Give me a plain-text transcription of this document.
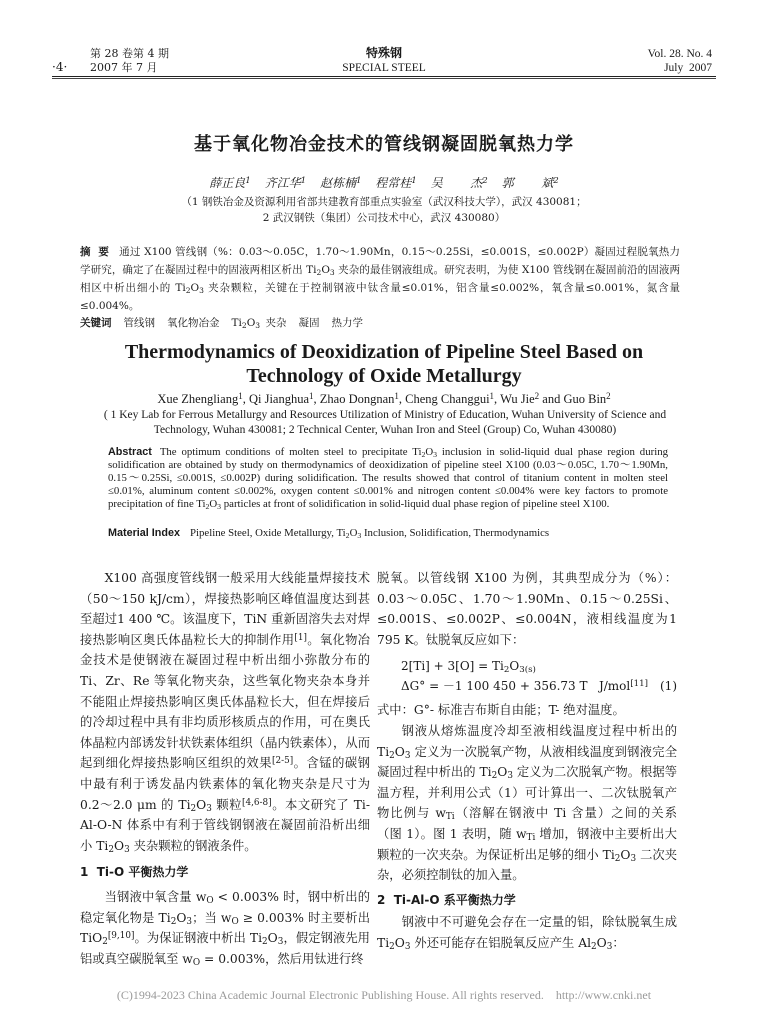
·4·
第 28 卷第 4 期
2007 年 7 月
特殊钢
SPECIAL STEEL
Vol. 28. No. 4
July  2007
基于氧化物冶金技术的管线钢凝固脱氧热力学
薛正良$^1$ 齐江华$^1$ 赵栋楠$^1$ 程常桂$^1$ 吴  杰$^2$ 郭  斌$^2$
（1 钢铁冶金及资源利用省部共建教育部重点实验室（武汉科技大学），武汉 430081；
2 武汉钢铁（集团）公司技术中心，武汉 430080）
摘  要 通过 X100 管线钢（%：0.03～0.05C，1.70～1.90Mn，0.15～0.25Si，≤0.001S，≤0.002P）凝固过程脱氧热力学研究，确定了在凝固过程中的固液两相区析出 $Ti_2O_3$ 夹杂的最佳钢液组成。研究表明，为使 X100 管线钢在凝固前沿的固液两相区中析出细小的 $Ti_2O_3$ 夹杂颗粒，关键在于控制钢液中钛含量≤0.01%，铝含量≤0.002%，氧含量≤0.001%，氮含量≤0.004%。
关键词 管线钢 氧化物冶金 $Ti_2O_3$ 夹杂 凝固 热力学
Thermodynamics of Deoxidization of Pipeline Steel Based on
Technology of Oxide Metallurgy
Xue Zhengliang$^1$, Qi Jianghua$^1$, Zhao Dongnan$^1$, Cheng Changgui$^1$, Wu Jie$^2$ and Guo Bin$^2$
( 1 Key Lab for Ferrous Metallurgy and Resources Utilization of Ministry of Education, Wuhan University of Science and
Technology, Wuhan 430081; 2 Technical Center, Wuhan Iron and Steel (Group) Co, Wuhan 430080)
Abstract The optimum conditions of molten steel to precipitate $Ti_2O_3$ inclusion in solid-liquid dual phase region during solidification are obtained by study on thermodynamics of deoxidization of pipeline steel X100 (0.03～0.05C, 1.70～1.90Mn, 0.15～0.25Si, ≤0.001S, ≤0.002P) during solidification. The results showed that control of titanium content in molten steel ≤0.01%, aluminum content ≤0.002%, oxygen content ≤0.001% and nitrogen content ≤0.004% were key factors to promote precipitation of fine $Ti_2O_3$ particles at front of solidification in solid-liquid dual phase region of pipeline steel X100.
Material Index Pipeline Steel, Oxide Metallurgy, $Ti_2O_3$ Inclusion, Solidification, Thermodynamics

X100 高强度管线钢一般采用大线能量焊接技术（50～150 kJ/cm），焊接热影响区峰值温度达到甚至超过1 400 ℃。该温度下，TiN 重新固溶失去对焊接热影响区奥氏体晶粒长大的抑制作用[1]。氧化物冶金技术是使钢液在凝固过程中析出细小弥散分布的 Ti、Zr、Re 等氧化物夹杂，这些氧化物夹杂本身并不能阻止焊接热影响区奥氏体晶粒长大，但在焊接后的冷却过程中具有非均质形核质点的作用，可在奥氏体晶粒内部诱发针状铁素体组织（晶内铁素体），从而起到细化焊接热影响区组织的效果[2-5]。含锰的碳钢中最有利于诱发晶内铁素体的氧化物夹杂是尺寸为 0.2～2.0 μm 的 $Ti_2O_3$ 颗粒[4,6-8]。本文研究了 Ti-Al-O-N 体系中有利于管线钢钢液在凝固前沿析出细小 $Ti_2O_3$ 夹杂颗粒的钢液条件。

1  Ti-O 平衡热力学

当钢液中氧含量 $w_O < 0.003\%$ 时，钢中析出的稳定氧化物是 $Ti_2O_3$；当 $w_O \ge 0.003\%$ 时主要析出 TiO$_2$[9,10]。为保证钢液中析出 $Ti_2O_3$，假定钢液先用铝或真空碳脱氧至 $w_O = 0.003\%$，然后用钛进行终

脱氧。以管线钢 X100 为例，其典型成分为（%）：0.03～0.05C、1.70～1.90Mn、0.15～0.25Si、≤0.001S、≤0.002P、≤0.004N，液相线温度为1 795 K。钛脱氧反应如下：

$2[Ti] + 3[O] = Ti_2O_{3(s)}$
ΔG° = －1 100 450 + 356.73 T   J/mol[11] (1)

式中：G°- 标准吉布斯自由能；T- 绝对温度。

钢液从熔炼温度冷却至液相线温度过程中析出的 $Ti_2O_3$ 定义为一次脱氧产物，从液相线温度到钢液完全凝固过程中析出的 $Ti_2O_3$ 定义为二次脱氧产物。根据等温方程，并利用公式（1）可计算出一、二次钛脱氧产物比例与 $w_{Ti}$（溶解在钢液中 Ti 含量）之间的关系（图 1）。图 1 表明，随 $w_{Ti}$ 增加，钢液中主要析出大颗粒的一次夹杂。为保证析出足够的细小 $Ti_2O_3$ 二次夹杂，必须控制钛的加入量。

2  Ti-Al-O 系平衡热力学

钢液中不可避免会存在一定量的铝，除钛脱氧生成 $Ti_2O_3$ 外还可能存在铝脱氧反应产生 $Al_2O_3$：

(C)1994-2023 China Academic Journal Electronic Publishing House. All rights reserved.    http://www.cnki.net
